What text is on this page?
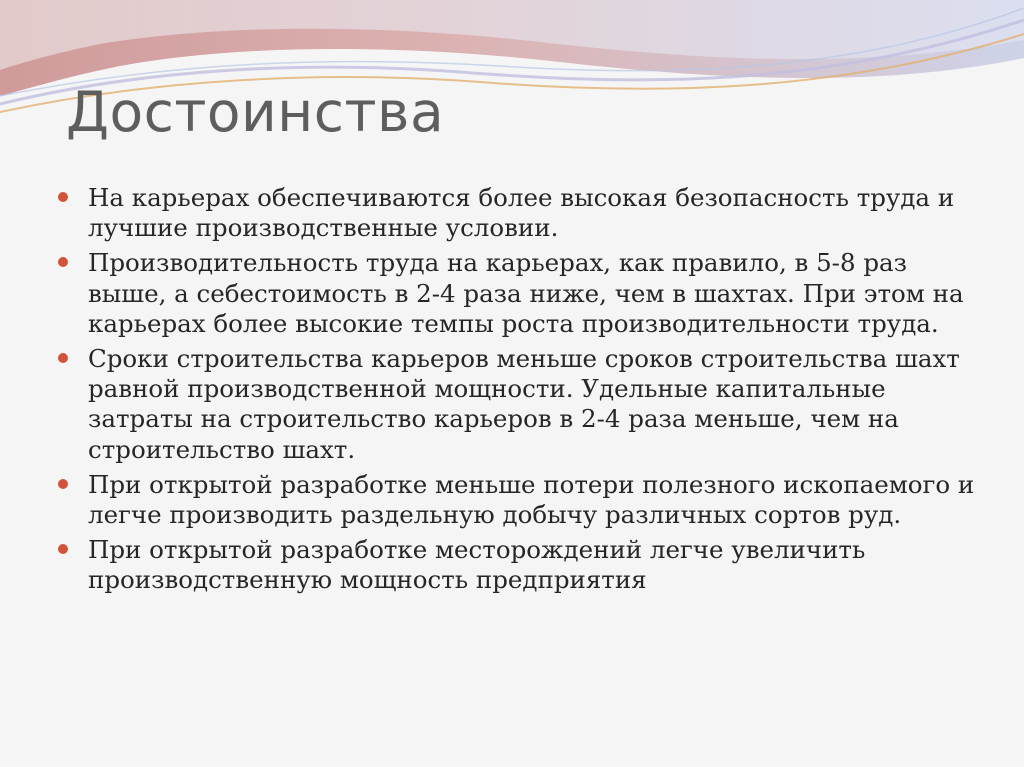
Достоинства
На карьерах обеспечиваются более высокая безопасность труда и лучшие производственные условии.
Производительность труда на карьерах, как правило, в 5-8 раз выше, а себестоимость в 2-4 раза ниже, чем в шахтах. При этом на карьерах более высокие темпы роста производительности труда.
Сроки строительства карьеров меньше сроков строительства шахт равной производственной мощности. Удельные капитальные затраты на строительство карьеров в 2-4 раза меньше, чем на строительство шахт.
При открытой разработке меньше потери полезного ископаемого и легче производить раздельную добычу различных сортов руд.
При открытой разработке месторождений легче увеличить производственную мощность предприятия
